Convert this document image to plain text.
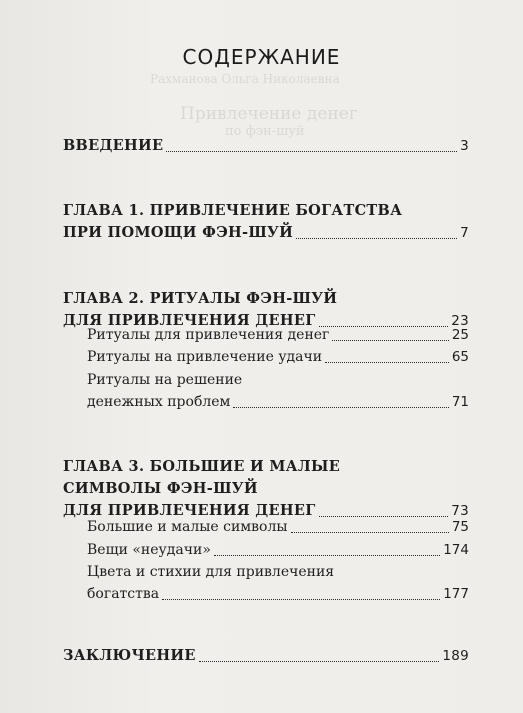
Рахманова Ольга Николаевна
Привлечение денег
по фэн-шуй
СОДЕРЖАНИЕ
ВВЕДЕНИЕ	3
ГЛАВА 1. ПРИВЛЕЧЕНИЕ БОГАТСТВА
ПРИ ПОМОЩИ ФЭН-ШУЙ	7
ГЛАВА 2. РИТУАЛЫ ФЭН-ШУЙ
ДЛЯ ПРИВЛЕЧЕНИЯ ДЕНЕГ	23
Ритуалы для привлечения денег	25
Ритуалы на привлечение удачи	65
Ритуалы на решение
денежных проблем	71
ГЛАВА 3. БОЛЬШИЕ И МАЛЫЕ
СИМВОЛЫ ФЭН-ШУЙ
ДЛЯ ПРИВЛЕЧЕНИЯ ДЕНЕГ	73
Большие и малые символы	75
Вещи «неудачи»	174
Цвета и стихии для привлечения
богатства	177
ЗАКЛЮЧЕНИЕ	189
